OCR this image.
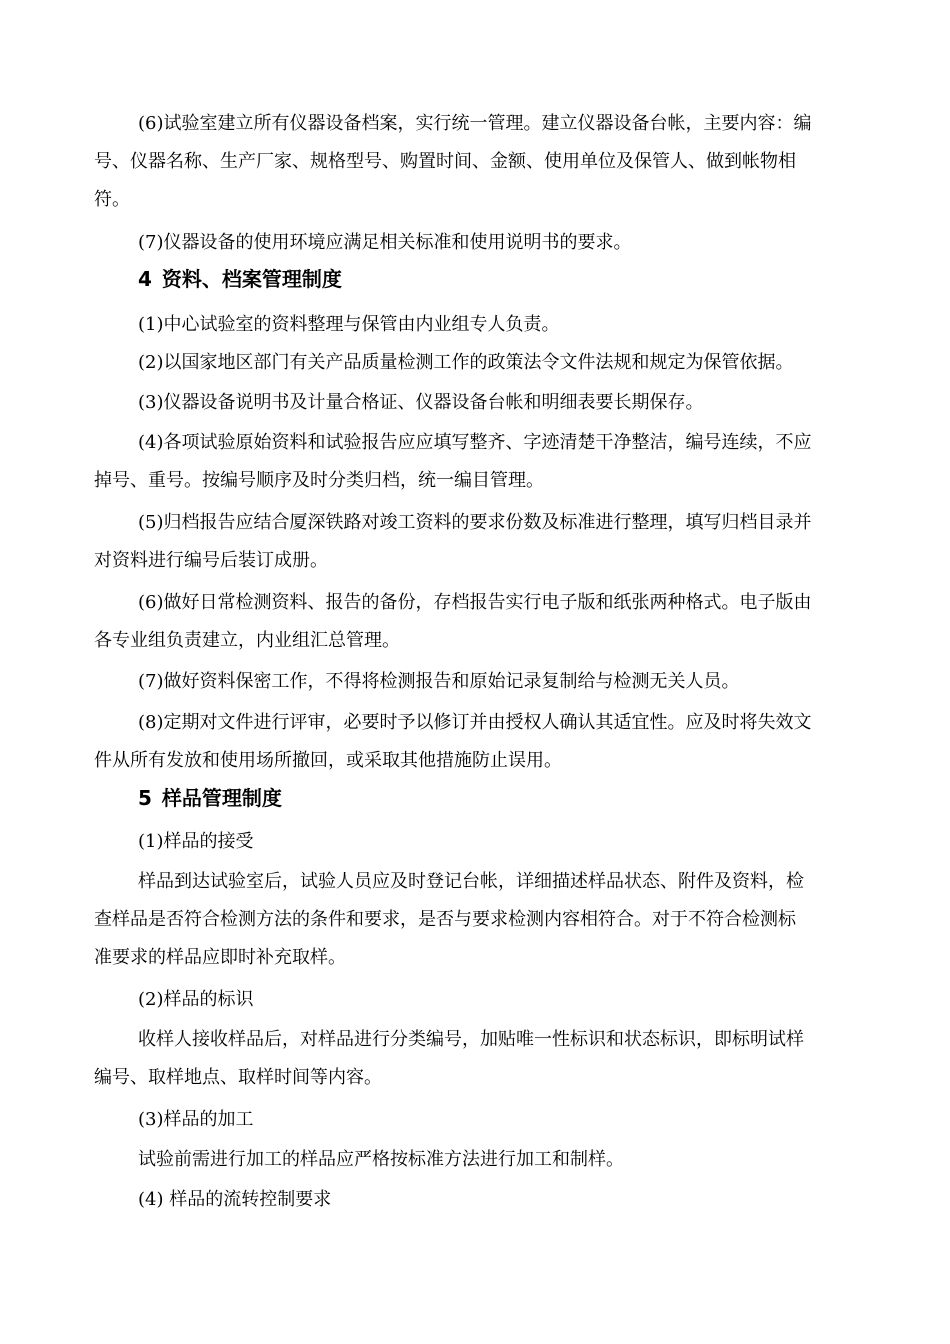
(6)试验室建立所有仪器设备档案，实行统一管理。建立仪器设备台帐，主要内容：编
号、仪器名称、生产厂家、规格型号、购置时间、金额、使用单位及保管人、做到帐物相
符。
(7)仪器设备的使用环境应满足相关标准和使用说明书的要求。
4 资料、档案管理制度
(1)中心试验室的资料整理与保管由内业组专人负责。
(2)以国家地区部门有关产品质量检测工作的政策法令文件法规和规定为保管依据。
(3)仪器设备说明书及计量合格证、仪器设备台帐和明细表要长期保存。
(4)各项试验原始资料和试验报告应应填写整齐、字迹清楚干净整洁，编号连续，不应
掉号、重号。按编号顺序及时分类归档，统一编目管理。
(5)归档报告应结合厦深铁路对竣工资料的要求份数及标准进行整理，填写归档目录并
对资料进行编号后装订成册。
(6)做好日常检测资料、报告的备份，存档报告实行电子版和纸张两种格式。电子版由
各专业组负责建立，内业组汇总管理。
(7)做好资料保密工作，不得将检测报告和原始记录复制给与检测无关人员。
(8)定期对文件进行评审，必要时予以修订并由授权人确认其适宜性。应及时将失效文
件从所有发放和使用场所撤回，或采取其他措施防止误用。
5 样品管理制度
(1)样品的接受
样品到达试验室后，试验人员应及时登记台帐，详细描述样品状态、附件及资料，检
查样品是否符合检测方法的条件和要求，是否与要求检测内容相符合。对于不符合检测标
准要求的样品应即时补充取样。
(2)样品的标识
收样人接收样品后，对样品进行分类编号，加贴唯一性标识和状态标识，即标明试样
编号、取样地点、取样时间等内容。
(3)样品的加工
试验前需进行加工的样品应严格按标准方法进行加工和制样。
(4) 样品的流转控制要求
